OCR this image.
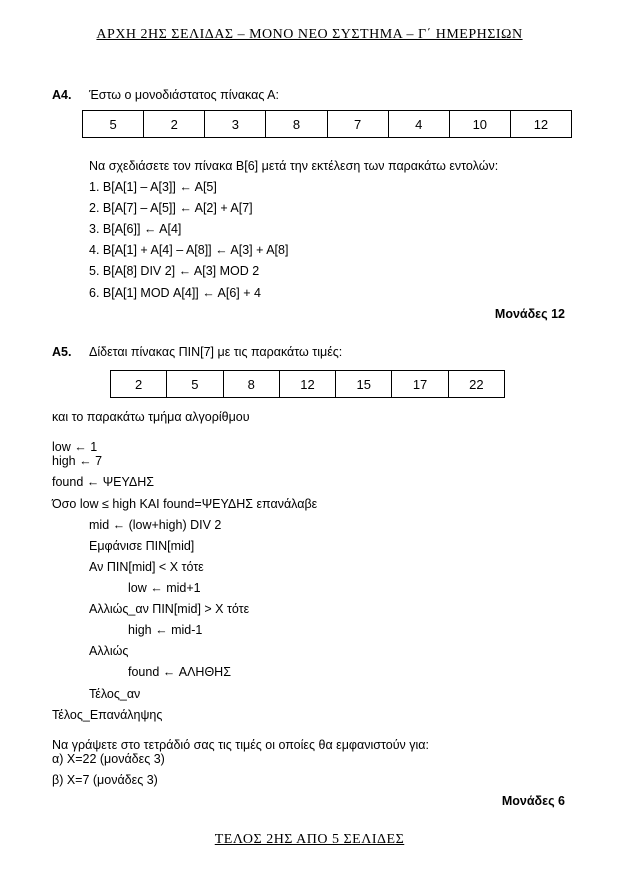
ΑΡΧΗ 2ΗΣ ΣΕΛΙΔΑΣ – ΜΟΝΟ ΝΕΟ ΣΥΣΤΗΜΑ – Γ΄ ΗΜΕΡΗΣΙΩΝ
Α4. Έστω ο μονοδιάστατος πίνακας Α:
5	2	3	8	7	4	10	12
Να σχεδιάσετε τον πίνακα Β[6] μετά την εκτέλεση των παρακάτω εντολών:
1. Β[Α[1] – Α[3]] ← Α[5]
2. Β[Α[7] – Α[5]] ← Α[2] + Α[7]
3. Β[Α[6]] ← Α[4]
4. Β[Α[1] + Α[4] – Α[8]] ← Α[3] + Α[8]
5. Β[Α[8] DIV 2] ← Α[3] MOD 2
6. Β[Α[1] MOD Α[4]] ← Α[6] + 4
Μονάδες 12
Α5. Δίδεται πίνακας ΠΙΝ[7] με τις παρακάτω τιμές:
2	5	8	12	15	17	22
και το παρακάτω τμήμα αλγορίθμου
low ← 1
high ← 7
found ← ΨΕΥΔΗΣ
Όσο low ≤ high ΚΑΙ found=ΨΕΥΔΗΣ επανάλαβε
mid ← (low+high) DIV 2
Εμφάνισε ΠΙΝ[mid]
Αν ΠΙΝ[mid] < X τότε
low ← mid+1
Αλλιώς_αν ΠΙΝ[mid] > X τότε
high ← mid-1
Αλλιώς
found ← ΑΛΗΘΗΣ
Τέλος_αν
Τέλος_Επανάληψης
Να γράψετε στο τετράδιό σας τις τιμές οι οποίες θα εμφανιστούν για:
α) Χ=22 (μονάδες 3)
β) Χ=7 (μονάδες 3)
Μονάδες 6
ΤΕΛΟΣ 2ΗΣ ΑΠΟ 5 ΣΕΛΙΔΕΣ
